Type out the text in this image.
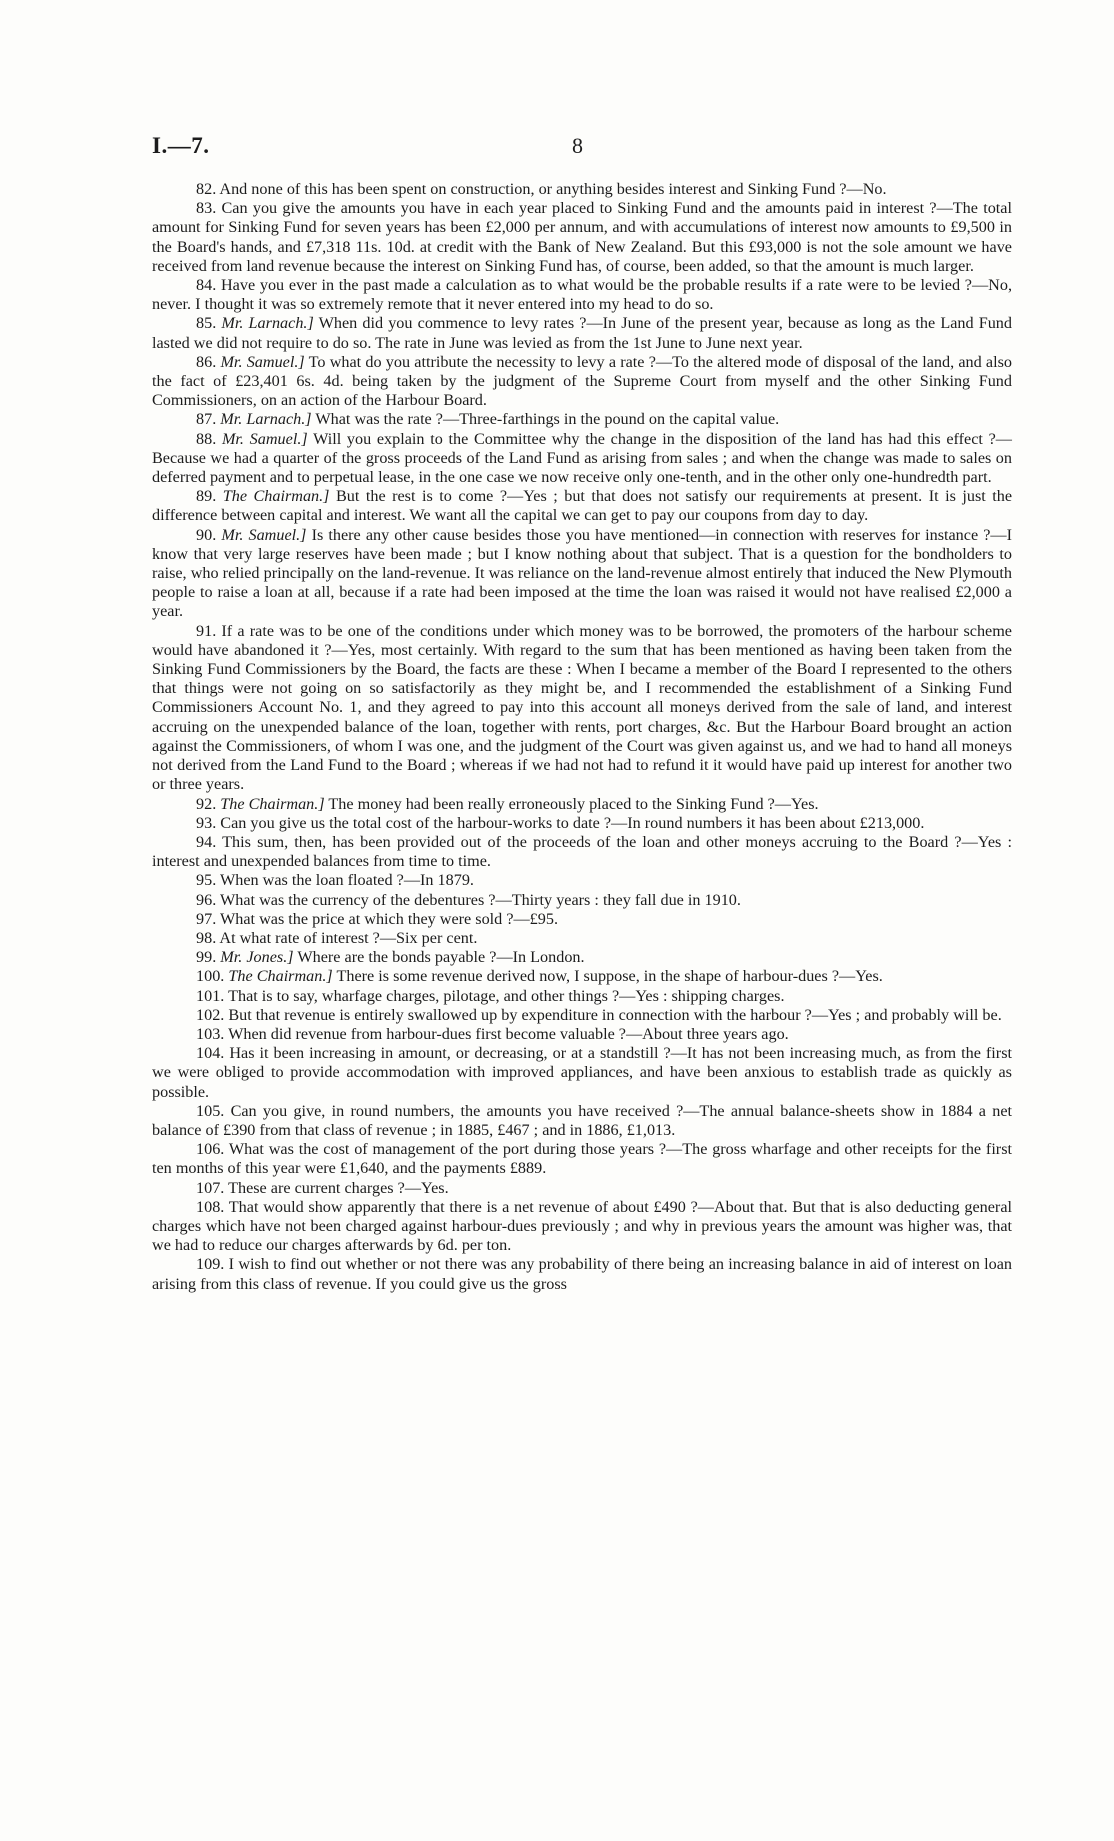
I.—7.	8

82. And none of this has been spent on construction, or anything besides interest and Sinking Fund ?—No.

83. Can you give the amounts you have in each year placed to Sinking Fund and the amounts paid in interest ?—The total amount for Sinking Fund for seven years has been £2,000 per annum, and with accumulations of interest now amounts to £9,500 in the Board's hands, and £7,318 11s. 10d. at credit with the Bank of New Zealand. But this £93,000 is not the sole amount we have received from land revenue because the interest on Sinking Fund has, of course, been added, so that the amount is much larger.

84. Have you ever in the past made a calculation as to what would be the probable results if a rate were to be levied ?—No, never. I thought it was so extremely remote that it never entered into my head to do so.

85. Mr. Larnach.] When did you commence to levy rates ?—In June of the present year, because as long as the Land Fund lasted we did not require to do so. The rate in June was levied as from the 1st June to June next year.

86. Mr. Samuel.] To what do you attribute the necessity to levy a rate ?—To the altered mode of disposal of the land, and also the fact of £23,401 6s. 4d. being taken by the judgment of the Supreme Court from myself and the other Sinking Fund Commissioners, on an action of the Harbour Board.

87. Mr. Larnach.] What was the rate ?—Three-farthings in the pound on the capital value.

88. Mr. Samuel.] Will you explain to the Committee why the change in the disposition of the land has had this effect ?—Because we had a quarter of the gross proceeds of the Land Fund as arising from sales ; and when the change was made to sales on deferred payment and to perpetual lease, in the one case we now receive only one-tenth, and in the other only one-hundredth part.

89. The Chairman.] But the rest is to come ?—Yes ; but that does not satisfy our requirements at present. It is just the difference between capital and interest. We want all the capital we can get to pay our coupons from day to day.

90. Mr. Samuel.] Is there any other cause besides those you have mentioned—in connection with reserves for instance ?—I know that very large reserves have been made ; but I know nothing about that subject. That is a question for the bondholders to raise, who relied principally on the land-revenue. It was reliance on the land-revenue almost entirely that induced the New Plymouth people to raise a loan at all, because if a rate had been imposed at the time the loan was raised it would not have realised £2,000 a year.

91. If a rate was to be one of the conditions under which money was to be borrowed, the promoters of the harbour scheme would have abandoned it ?—Yes, most certainly. With regard to the sum that has been mentioned as having been taken from the Sinking Fund Commissioners by the Board, the facts are these : When I became a member of the Board I represented to the others that things were not going on so satisfactorily as they might be, and I recommended the establishment of a Sinking Fund Commissioners Account No. 1, and they agreed to pay into this account all moneys derived from the sale of land, and interest accruing on the unexpended balance of the loan, together with rents, port charges, &c. But the Harbour Board brought an action against the Commissioners, of whom I was one, and the judgment of the Court was given against us, and we had to hand all moneys not derived from the Land Fund to the Board ; whereas if we had not had to refund it it would have paid up interest for another two or three years.

92. The Chairman.] The money had been really erroneously placed to the Sinking Fund ?—Yes.

93. Can you give us the total cost of the harbour-works to date ?—In round numbers it has been about £213,000.

94. This sum, then, has been provided out of the proceeds of the loan and other moneys accruing to the Board ?—Yes : interest and unexpended balances from time to time.

95. When was the loan floated ?—In 1879.

96. What was the currency of the debentures ?—Thirty years : they fall due in 1910.

97. What was the price at which they were sold ?—£95.

98. At what rate of interest ?—Six per cent.

99. Mr. Jones.] Where are the bonds payable ?—In London.

100. The Chairman.] There is some revenue derived now, I suppose, in the shape of harbour-dues ?—Yes.

101. That is to say, wharfage charges, pilotage, and other things ?—Yes : shipping charges.

102. But that revenue is entirely swallowed up by expenditure in connection with the harbour ?—Yes ; and probably will be.

103. When did revenue from harbour-dues first become valuable ?—About three years ago.

104. Has it been increasing in amount, or decreasing, or at a standstill ?—It has not been increasing much, as from the first we were obliged to provide accommodation with improved appliances, and have been anxious to establish trade as quickly as possible.

105. Can you give, in round numbers, the amounts you have received ?—The annual balance-sheets show in 1884 a net balance of £390 from that class of revenue ; in 1885, £467 ; and in 1886, £1,013.

106. What was the cost of management of the port during those years ?—The gross wharfage and other receipts for the first ten months of this year were £1,640, and the payments £889.

107. These are current charges ?—Yes.

108. That would show apparently that there is a net revenue of about £490 ?—About that. But that is also deducting general charges which have not been charged against harbour-dues previously ; and why in previous years the amount was higher was, that we had to reduce our charges afterwards by 6d. per ton.

109. I wish to find out whether or not there was any probability of there being an increasing balance in aid of interest on loan arising from this class of revenue. If you could give us the gross
